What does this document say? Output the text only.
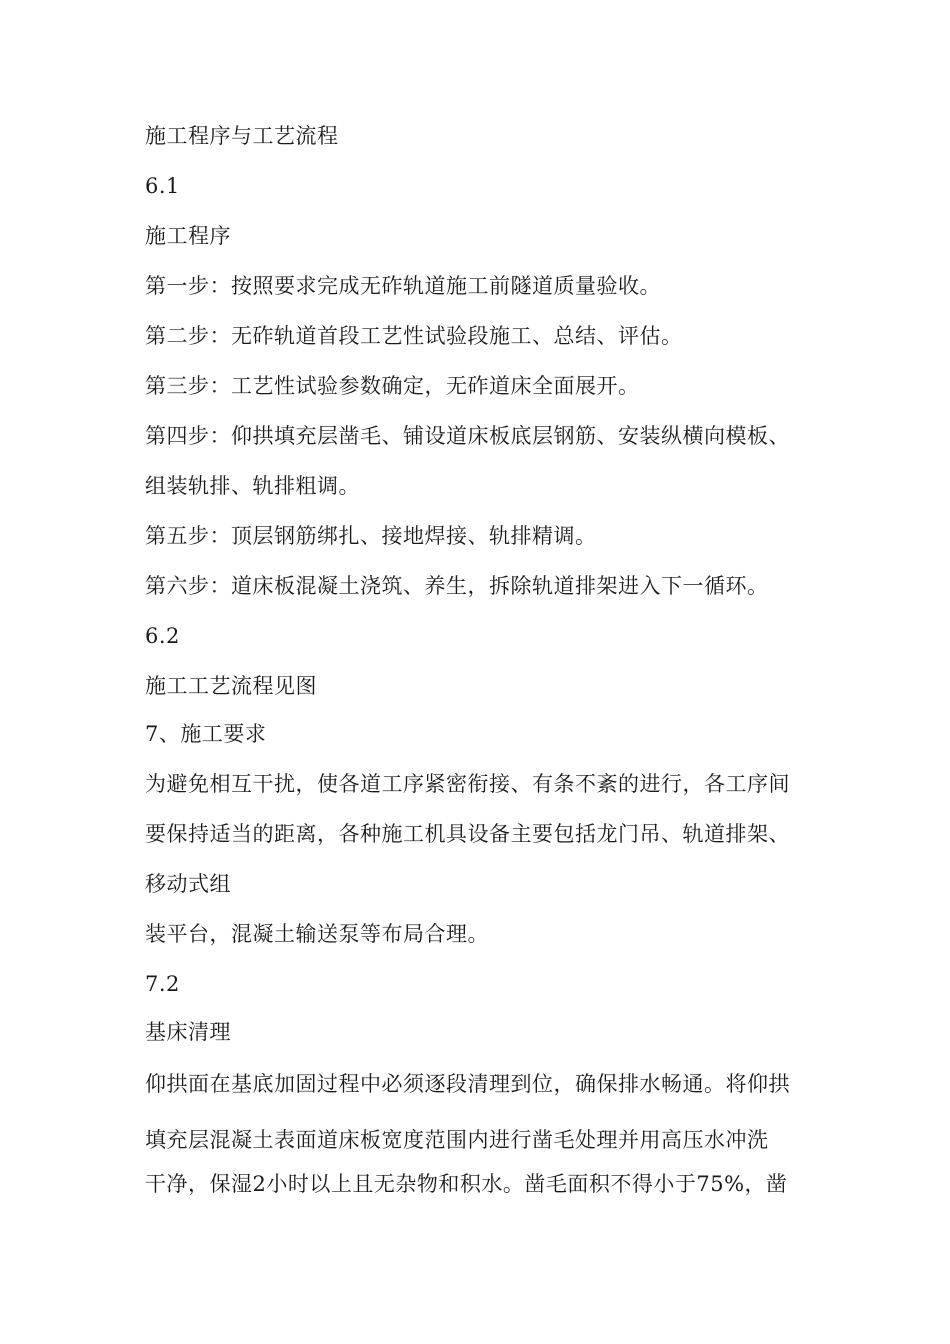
施工程序与工艺流程
6.1
施工程序
第一步：按照要求完成无砟轨道施工前隧道质量验收。
第二步：无砟轨道首段工艺性试验段施工、总结、评估。
第三步：工艺性试验参数确定，无砟道床全面展开。
第四步：仰拱填充层凿毛、铺设道床板底层钢筋、安装纵横向模板、
组装轨排、轨排粗调。
第五步：顶层钢筋绑扎、接地焊接、轨排精调。
第六步：道床板混凝土浇筑、养生，拆除轨道排架进入下一循环。
6.2
施工工艺流程见图
7、施工要求
为避免相互干扰，使各道工序紧密衔接、有条不紊的进行，各工序间
要保持适当的距离，各种施工机具设备主要包括龙门吊、轨道排架、
移动式组
装平台，混凝土输送泵等布局合理。
7.2
基床清理
仰拱面在基底加固过程中必须逐段清理到位，确保排水畅通。将仰拱
填充层混凝土表面道床板宽度范围内进行凿毛处理并用高压水冲洗
干净，保湿2小时以上且无杂物和积水。凿毛面积不得小于75%，凿
